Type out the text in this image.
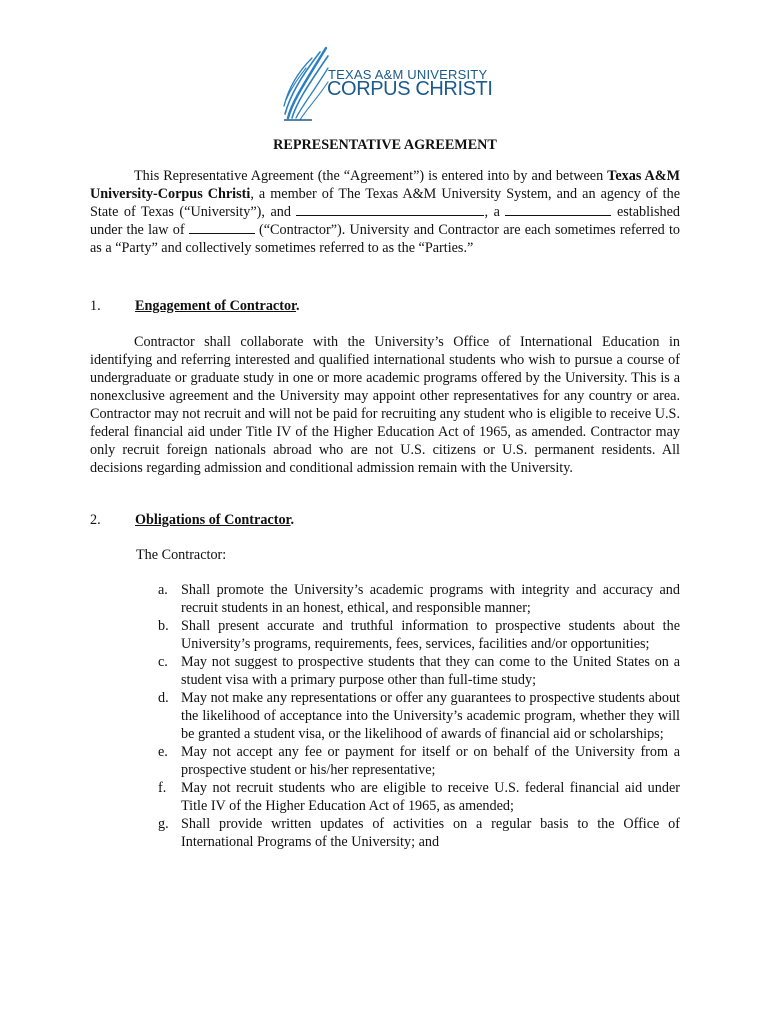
TEXAS A&M UNIVERSITY
CORPUS CHRISTI
REPRESENTATIVE AGREEMENT
This Representative Agreement (the “Agreement”) is entered into by and between Texas A&M University-Corpus Christi, a member of The Texas A&M University System, and an agency of the State of Texas (“University”), and	, a	established under the law of	(“Contractor”). University and Contractor are each sometimes referred to as a “Party” and collectively sometimes referred to as the “Parties.”
1. Engagement of Contractor.
Contractor shall collaborate with the University’s Office of International Education in identifying and referring interested and qualified international students who wish to pursue a course of undergraduate or graduate study in one or more academic programs offered by the University. This is a nonexclusive agreement and the University may appoint other representatives for any country or area. Contractor may not recruit and will not be paid for recruiting any student who is eligible to receive U.S. federal financial aid under Title IV of the Higher Education Act of 1965, as amended. Contractor may only recruit foreign nationals abroad who are not U.S. citizens or U.S. permanent residents. All decisions regarding admission and conditional admission remain with the University.
2. Obligations of Contractor.
The Contractor:
a. Shall promote the University’s academic programs with integrity and accuracy and recruit students in an honest, ethical, and responsible manner;
b. Shall present accurate and truthful information to prospective students about the University’s programs, requirements, fees, services, facilities and/or opportunities;
c. May not suggest to prospective students that they can come to the United States on a student visa with a primary purpose other than full-time study;
d. May not make any representations or offer any guarantees to prospective students about the likelihood of acceptance into the University’s academic program, whether they will be granted a student visa, or the likelihood of awards of financial aid or scholarships;
e. May not accept any fee or payment for itself or on behalf of the University from a prospective student or his/her representative;
f.	May not recruit students who are eligible to receive U.S. federal financial aid under Title IV of the Higher Education Act of 1965, as amended;
g. Shall provide written updates of activities on a regular basis to the Office of International Programs of the University; and
